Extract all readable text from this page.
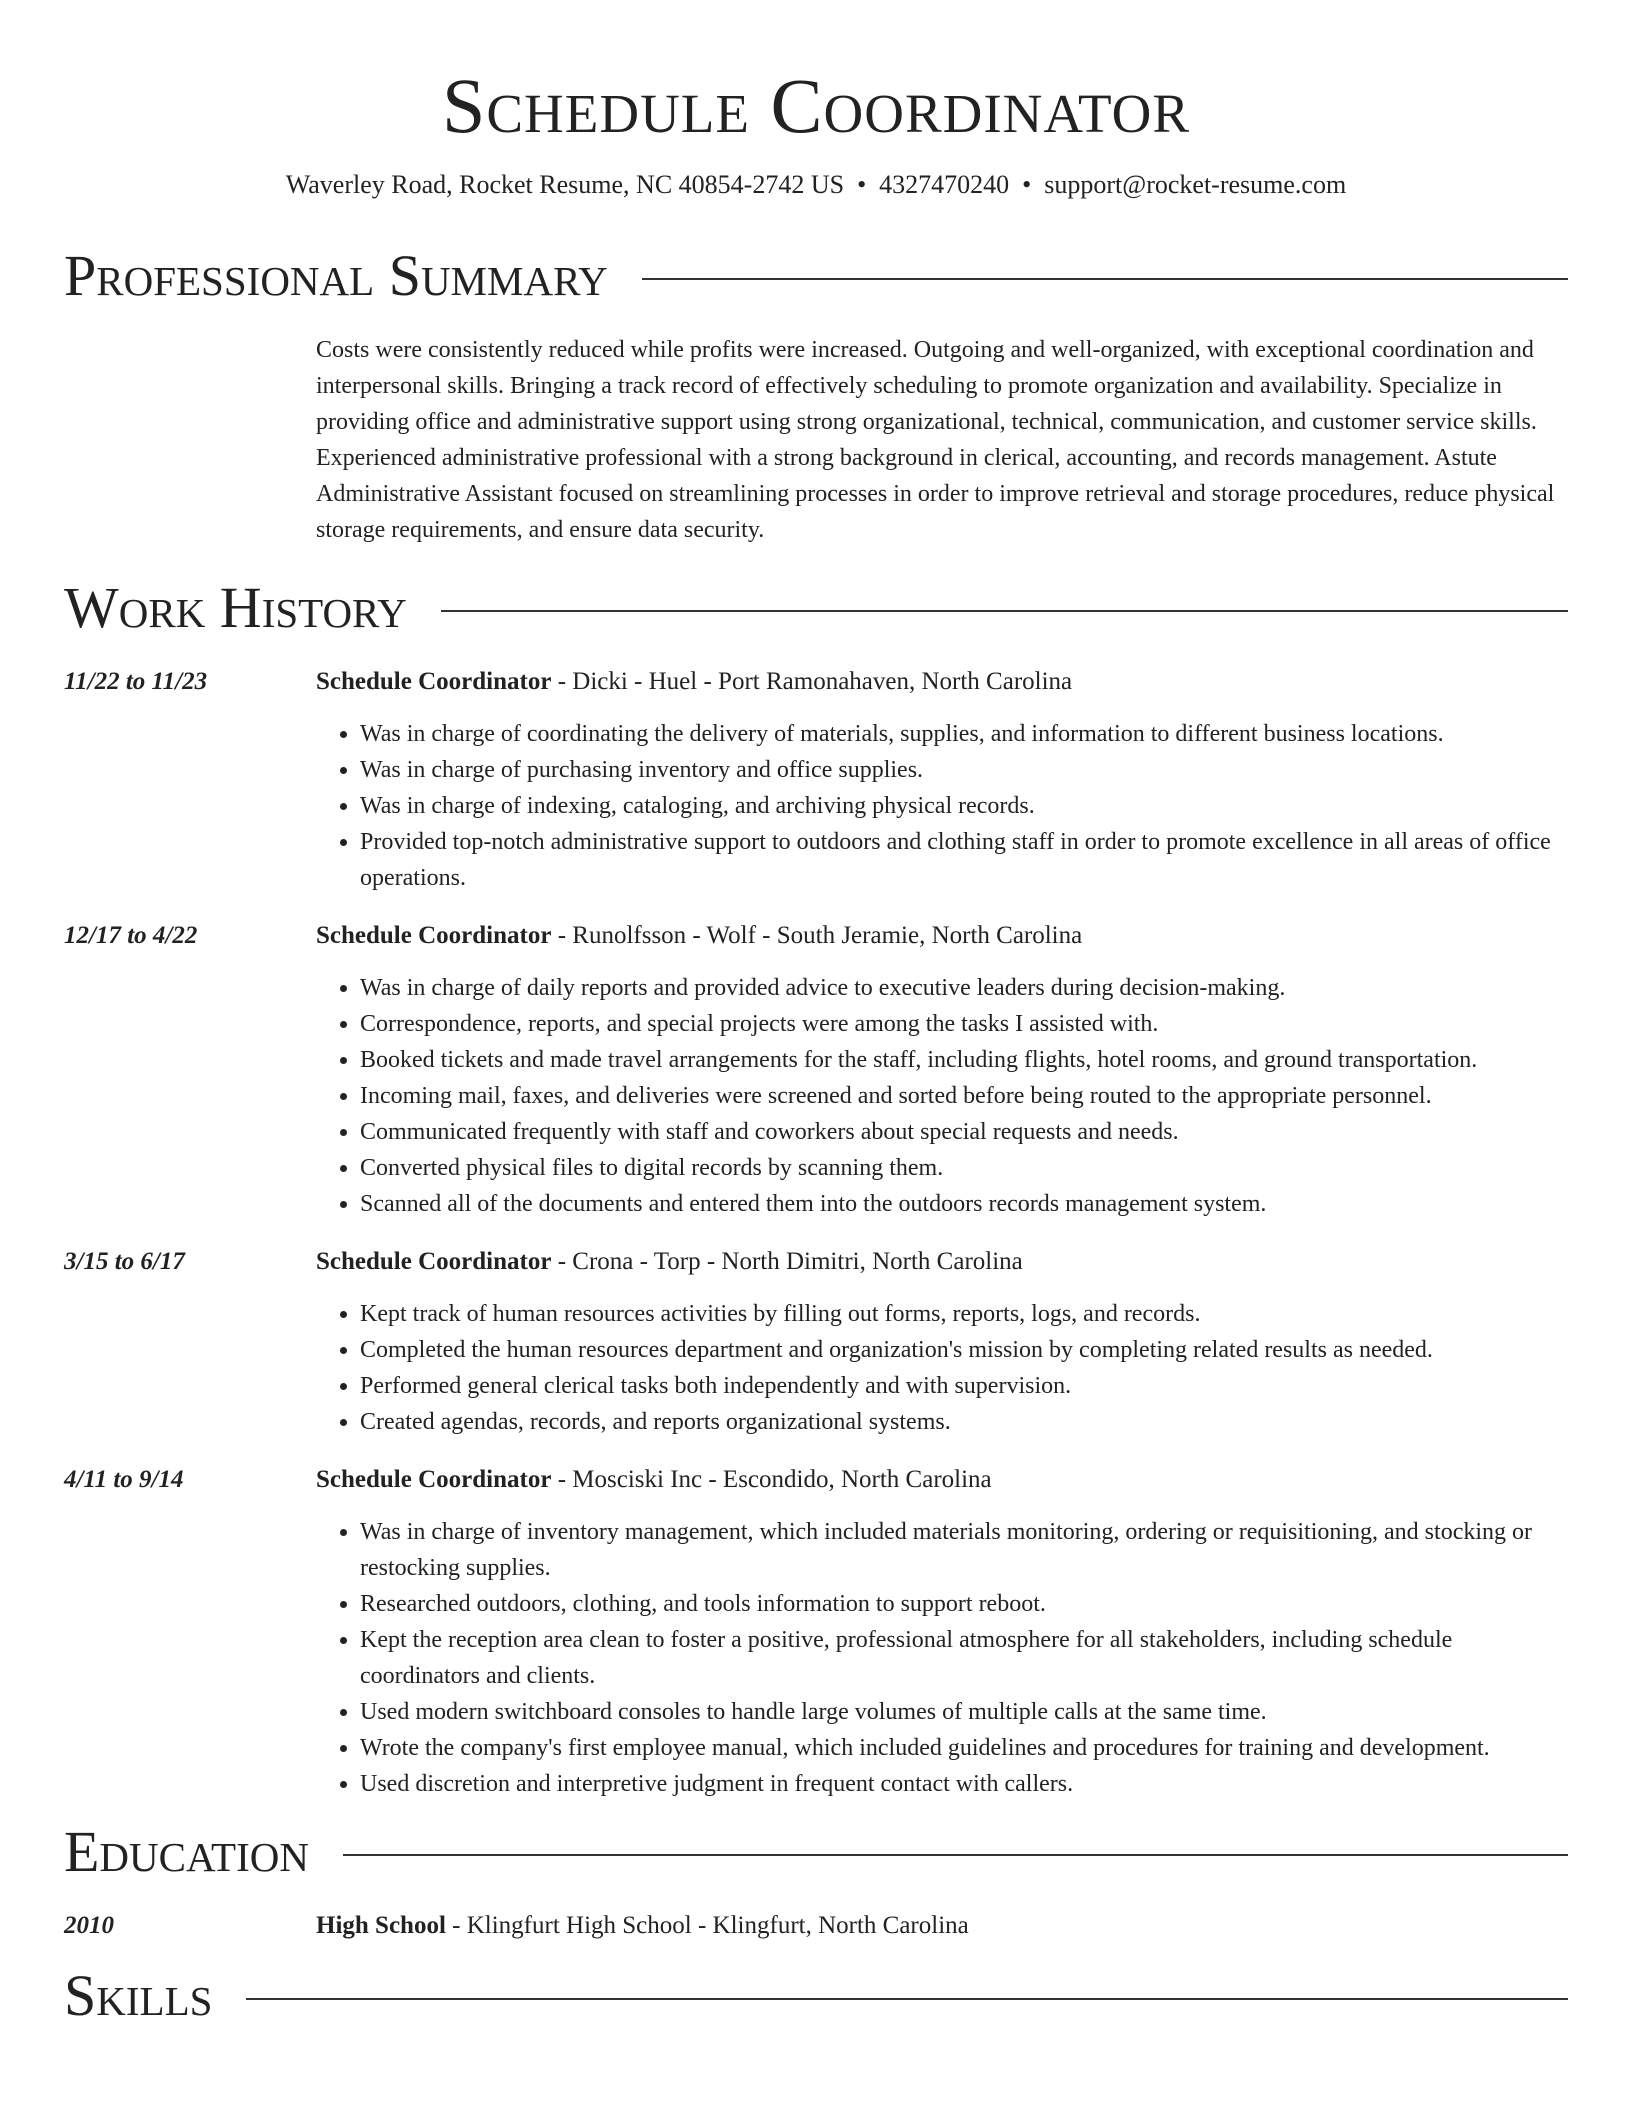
Schedule Coordinator
Waverley Road, Rocket Resume, NC 40854-2742 US • 4327470240 • support@rocket-resume.com
Professional Summary
Costs were consistently reduced while profits were increased. Outgoing and well-organized, with exceptional coordination and interpersonal skills. Bringing a track record of effectively scheduling to promote organization and availability. Specialize in providing office and administrative support using strong organizational, technical, communication, and customer service skills. Experienced administrative professional with a strong background in clerical, accounting, and records management. Astute Administrative Assistant focused on streamlining processes in order to improve retrieval and storage procedures, reduce physical storage requirements, and ensure data security.
Work History
11/22 to 11/23	Schedule Coordinator - Dicki - Huel - Port Ramonahaven, North Carolina
• Was in charge of coordinating the delivery of materials, supplies, and information to different business locations.
• Was in charge of purchasing inventory and office supplies.
• Was in charge of indexing, cataloging, and archiving physical records.
• Provided top-notch administrative support to outdoors and clothing staff in order to promote excellence in all areas of office operations.
12/17 to 4/22	Schedule Coordinator - Runolfsson - Wolf - South Jeramie, North Carolina
• Was in charge of daily reports and provided advice to executive leaders during decision-making.
• Correspondence, reports, and special projects were among the tasks I assisted with.
• Booked tickets and made travel arrangements for the staff, including flights, hotel rooms, and ground transportation.
• Incoming mail, faxes, and deliveries were screened and sorted before being routed to the appropriate personnel.
• Communicated frequently with staff and coworkers about special requests and needs.
• Converted physical files to digital records by scanning them.
• Scanned all of the documents and entered them into the outdoors records management system.
3/15 to 6/17	Schedule Coordinator - Crona - Torp - North Dimitri, North Carolina
• Kept track of human resources activities by filling out forms, reports, logs, and records.
• Completed the human resources department and organization's mission by completing related results as needed.
• Performed general clerical tasks both independently and with supervision.
• Created agendas, records, and reports organizational systems.
4/11 to 9/14	Schedule Coordinator - Mosciski Inc - Escondido, North Carolina
• Was in charge of inventory management, which included materials monitoring, ordering or requisitioning, and stocking or restocking supplies.
• Researched outdoors, clothing, and tools information to support reboot.
• Kept the reception area clean to foster a positive, professional atmosphere for all stakeholders, including schedule coordinators and clients.
• Used modern switchboard consoles to handle large volumes of multiple calls at the same time.
• Wrote the company's first employee manual, which included guidelines and procedures for training and development.
• Used discretion and interpretive judgment in frequent contact with callers.
Education
2010	High School - Klingfurt High School - Klingfurt, North Carolina
Skills
